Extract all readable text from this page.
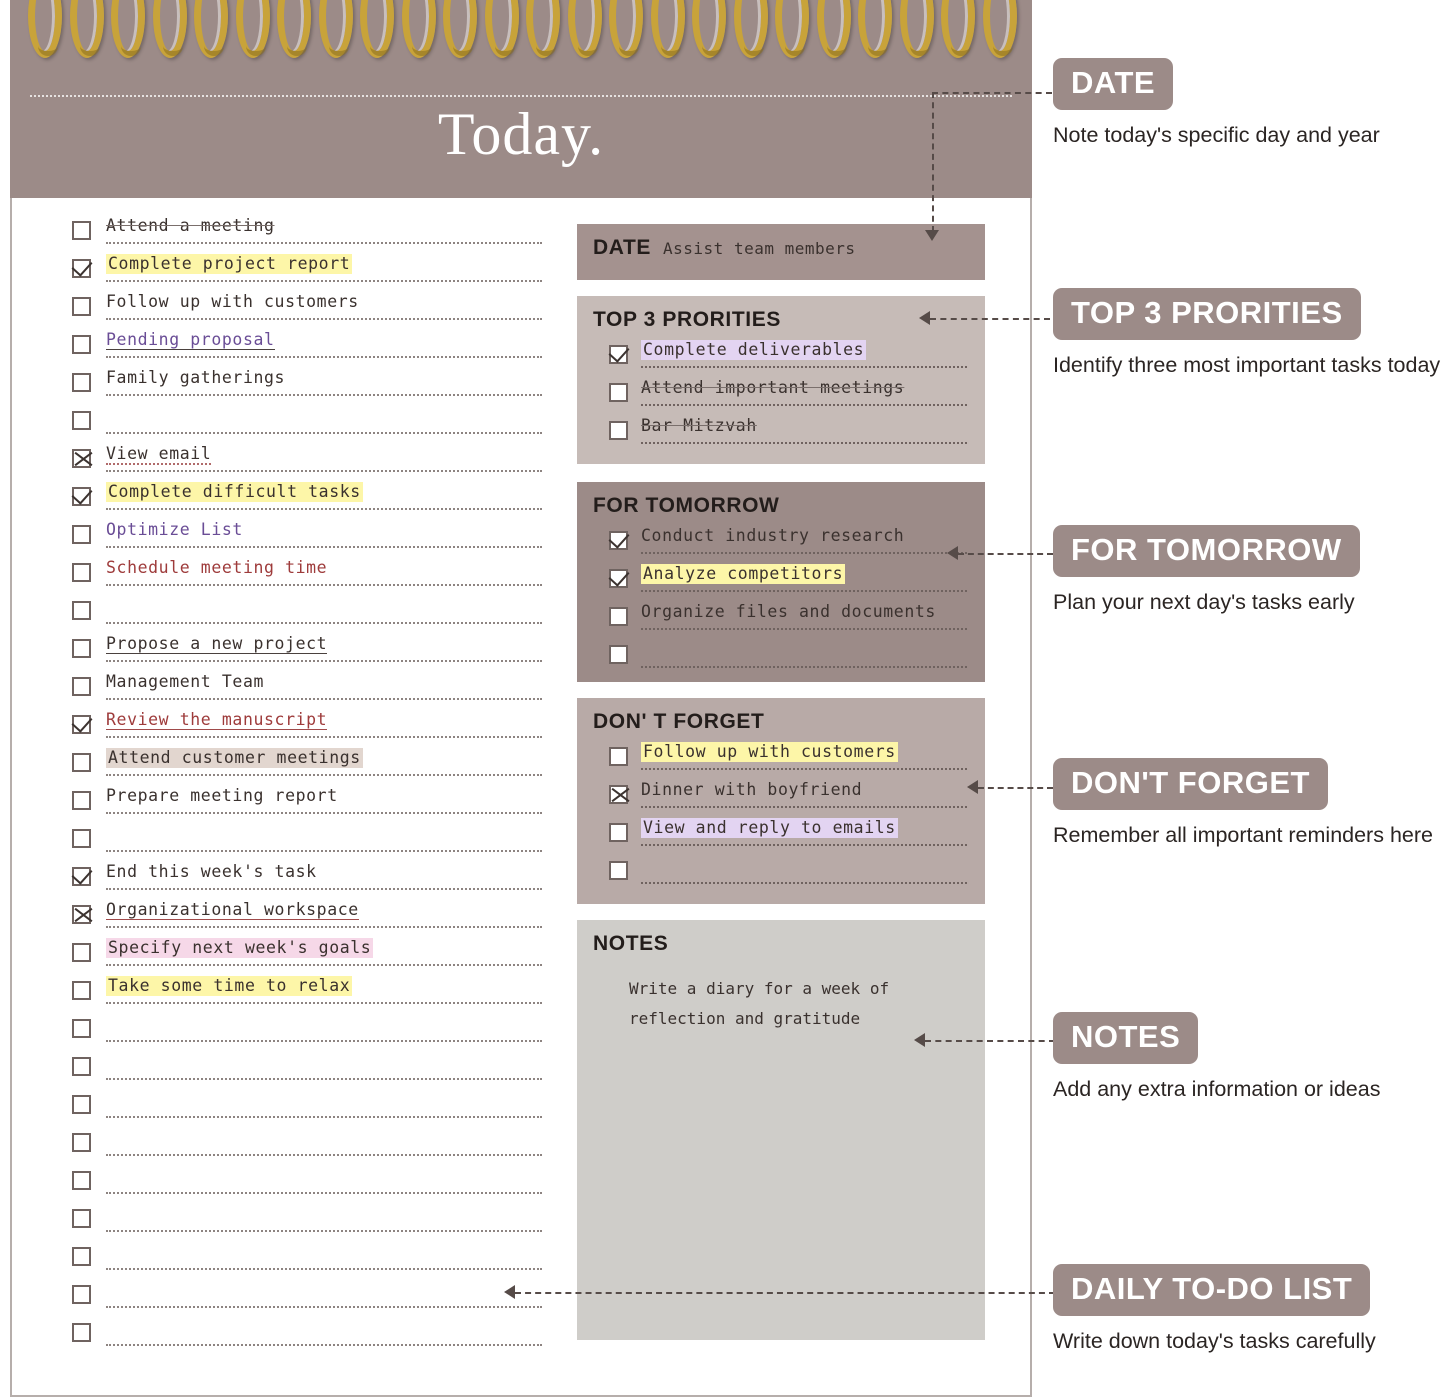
Today.
Attend a meeting
Complete project report
Follow up with customers
Pending proposal
Family gatherings
View email
Complete difficult tasks
Optimize List
Schedule meeting time
Propose a new project
Management Team
Review the manuscript
Attend customer meetings
Prepare meeting report
End this week's task
Organizational workspace
Specify next week's goals
Take some time to relax
DATE Assist team members
TOP 3 PRORITIES
Complete deliverables
Attend important meetings
Bar Mitzvah
FOR TOMORROW
Conduct industry research
Analyze competitors
Organize files and documents
DON' T FORGET
Follow up with customers
Dinner with boyfriend
View and reply to emails
NOTES
Write a diary for a week of
reflection and gratitude
DATE
Note today's specific day and year
TOP 3 PRORITIES
Identify three most important tasks today
FOR TOMORROW
Plan your next day's tasks early
DON'T FORGET
Remember all important reminders here
NOTES
Add any extra information or ideas
DAILY TO-DO LIST
Write down today's tasks carefully
